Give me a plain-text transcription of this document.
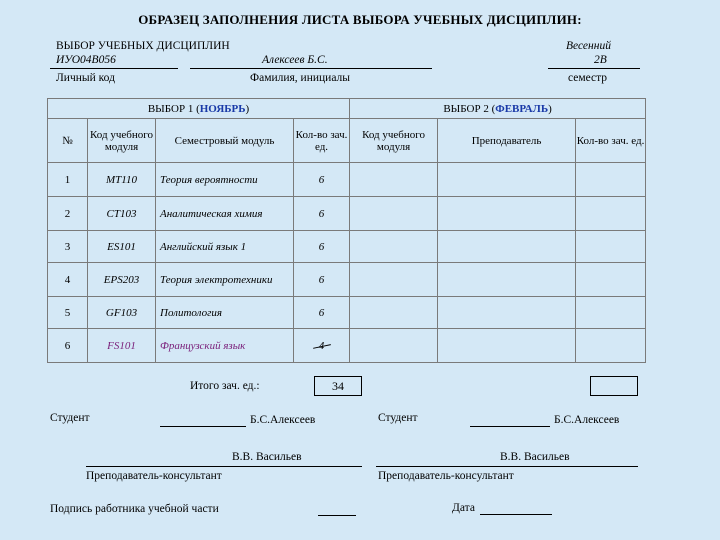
ОБРАЗЕЦ ЗАПОЛНЕНИЯ ЛИСТА ВЫБОРА УЧЕБНЫХ ДИСЦИПЛИН:
ВЫБОР УЧЕБНЫХ ДИСЦИПЛИН
ИУО04В056	Алексеев Б.С.
Весенний
2В
Личный код	Фамилия, инициалы	семестр
ВЫБОР 1 (НОЯБРЬ)				ВЫБОР 2 (ФЕВРАЛЬ)		
№	Код учебного модуля	Семестровый модуль	Кол-во зач. ед.	Код учебного модуля	Преподаватель	Кол-во зач. ед.
1	МТ110	Теория вероятности	6			
2	СТ103	Аналитическая химия	6			
3	ES101	Английский язык 1	6			
4	EPS203	Теория электротехники	6			
5	GF103	Политология	6			
6	FS101	Французский язык	4			
Итого зач. ед.:	34
Студент	Б.С.Алексеев
В.В. Васильев
Преподаватель-консультант
Студент	Б.С.Алексеев
В.В. Васильев
Преподаватель-консультант
Подпись работника учебной части	Дата
